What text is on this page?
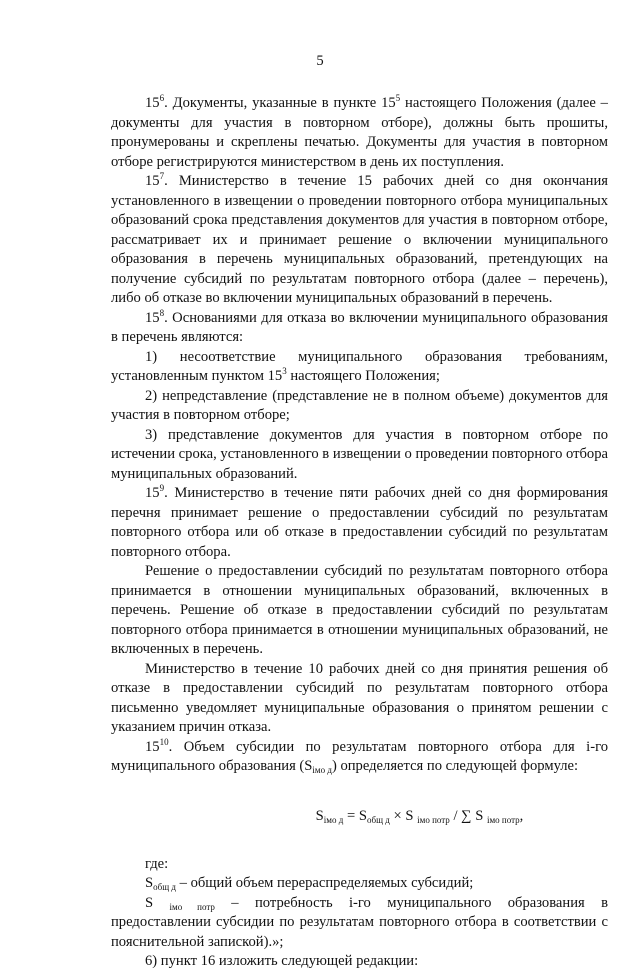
5

$15^6$. Документы, указанные в пункте $15^5$ настоящего Положения (далее – документы для участия в повторном отборе), должны быть прошиты, пронумерованы и скреплены печатью. Документы для участия в повторном отборе регистрируются министерством в день их поступления.

$15^7$. Министерство в течение 15 рабочих дней со дня окончания установленного в извещении о проведении повторного отбора муниципальных образований срока представления документов для участия в повторном отборе, рассматривает их и принимает решение о включении муниципального образования в перечень муниципальных образований, претендующих на получение субсидий по результатам повторного отбора (далее – перечень), либо об отказе во включении муниципальных образований в перечень.

$15^8$. Основаниями для отказа во включении муниципального образования в перечень являются:

1) несоответствие муниципального образования требованиям, установленным пунктом $15^3$ настоящего Положения;

2) непредставление (представление не в полном объеме) документов для участия в повторном отборе;

3) представление документов для участия в повторном отборе по истечении срока, установленного в извещении о проведении повторного отбора муниципальных образований.

$15^9$. Министерство в течение пяти рабочих дней со дня формирования перечня принимает решение о предоставлении субсидий по результатам повторного отбора или об отказе в предоставлении субсидий по результатам повторного отбора.

Решение о предоставлении субсидий по результатам повторного отбора принимается в отношении муниципальных образований, включенных в перечень. Решение об отказе в предоставлении субсидий по результатам повторного отбора принимается в отношении муниципальных образований, не включенных в перечень.

Министерство в течение 10 рабочих дней со дня принятия решения об отказе в предоставлении субсидий по результатам повторного отбора письменно уведомляет муниципальные образования о принятом решении с указанием причин отказа.

$15^{10}$. Объем субсидии по результатам повторного отбора для i-го муниципального образования $(S_{iмо д})$ определяется по следующей формуле:

$S_{iмо д} = S_{общ д} \times S$ $_{iмо потр}$ / ∑ S $_{iмо потр}$,

где:

$S_{общ д}$ – общий объем перераспределяемых субсидий;

S $_{iмо потр}$ – потребность i-го муниципального образования в предоставлении субсидии по результатам повторного отбора в соответствии с пояснительной запиской).»;

6) пункт 16 изложить следующей редакции:
